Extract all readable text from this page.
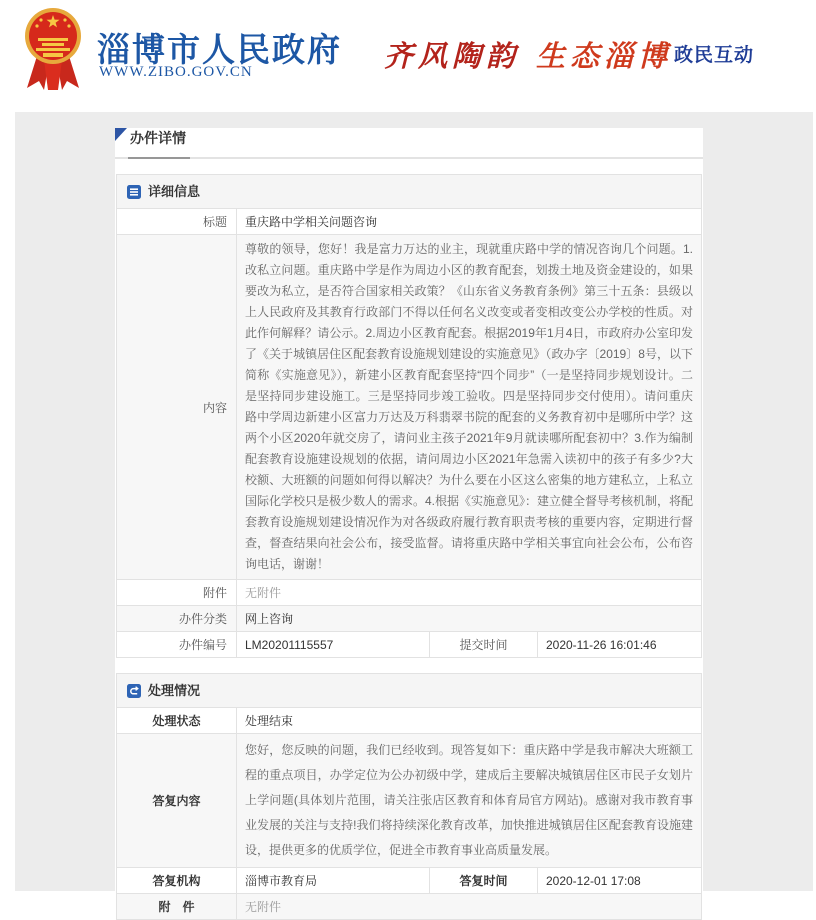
淄博市人民政府
WWW.ZIBO.GOV.CN	齐风陶韵 生态淄博 政民互动
办件详情
详细信息			
标题	重庆路中学相关问题咨询		
内容	尊敬的领导，您好！我是富力万达的业主，现就重庆路中学的情况咨询几个问题。1.改私立问题。重庆路中学是作为周边小区的教育配套，划拨土地及资金建设的，如果要改为私立，是否符合国家相关政策？《山东省义务教育条例》第三十五条：县级以上人民政府及其教育行政部门不得以任何名义改变或者变相改变公办学校的性质。对此作何解释？请公示。2.周边小区教育配套。根据2019年1月4日，市政府办公室印发了《关于城镇居住区配套教育设施规划建设的实施意见》（政办字〔2019〕8号，以下简称《实施意见》），新建小区教育配套坚持“四个同步”（一是坚持同步规划设计。二是坚持同步建设施工。三是坚持同步竣工验收。四是坚持同步交付使用）。请问重庆路中学周边新建小区富力万达及万科翡翠书院的配套的义务教育初中是哪所中学？这两个小区2020年就交房了，请问业主孩子2021年9月就读哪所配套初中？3.作为编制配套教育设施建设规划的依据，请问周边小区2021年急需入读初中的孩子有多少?大校额、大班额的问题如何得以解决？为什么要在小区这么密集的地方建私立，上私立国际化学校只是极少数人的需求。4.根据《实施意见》：建立健全督导考核机制，将配套教育设施规划建设情况作为对各级政府履行教育职责考核的重要内容，定期进行督查，督查结果向社会公布，接受监督。请将重庆路中学相关事宜向社会公布，公布咨询电话，谢谢！		
附件	无附件		
办件分类	网上咨询		
办件编号	LM20201115557	提交时间	2020-11-26 16:01:46
处理情况			
处理状态	处理结束		
答复内容	您好，您反映的问题，我们已经收到。现答复如下：重庆路中学是我市解决大班额工程的重点项目，办学定位为公办初级中学，建成后主要解决城镇居住区市民子女划片上学问题(具体划片范围，请关注张店区教育和体育局官方网站)。感谢对我市教育事业发展的关注与支持!我们将持续深化教育改革，加快推进城镇居住区配套教育设施建设，提供更多的优质学位，促进全市教育事业高质量发展。		
答复机构	淄博市教育局	答复时间	2020-12-01 17:08
附　件	无附件		
